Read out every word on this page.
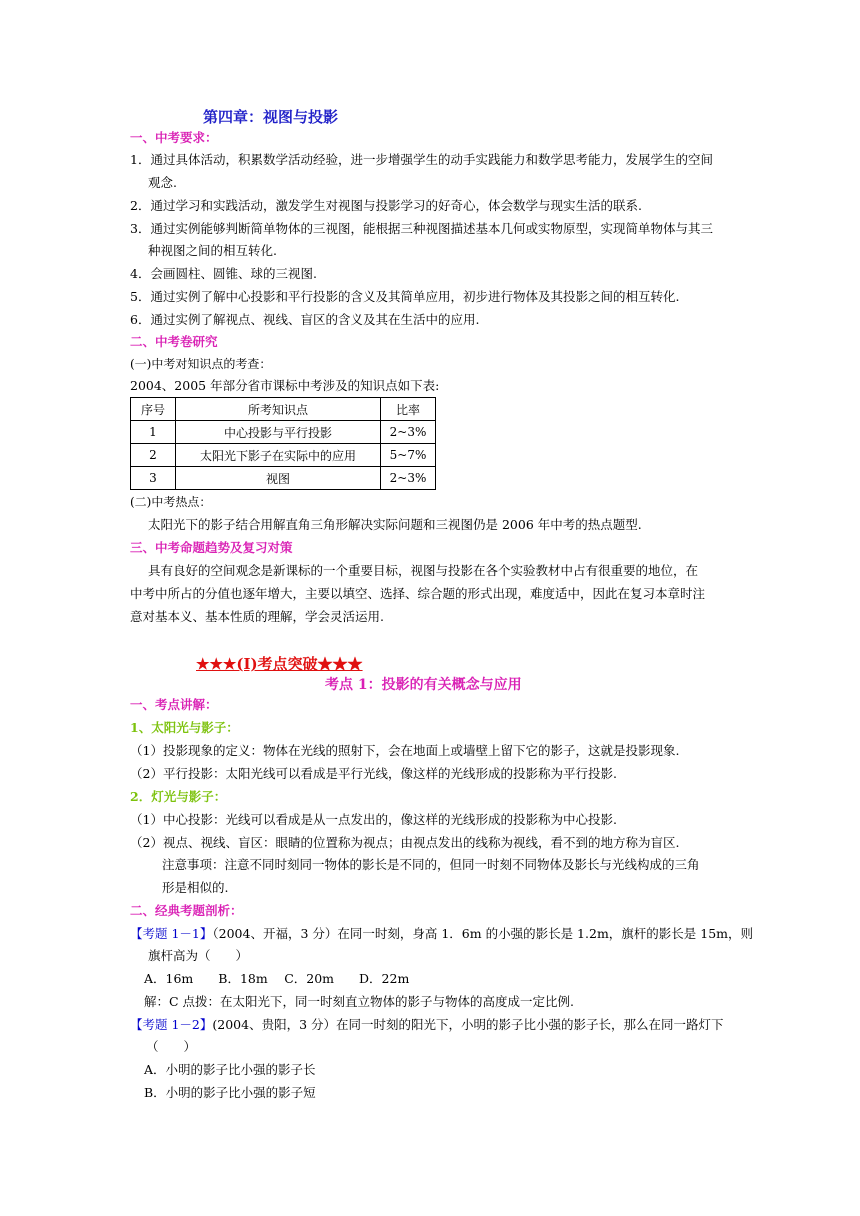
第四章：视图与投影
一、中考要求：
1．通过具体活动，积累数学活动经验，进一步增强学生的动手实践能力和数学思考能力，发展学生的空间
观念.
2．通过学习和实践活动，激发学生对视图与投影学习的好奇心，体会数学与现实生活的联系.
3．通过实例能够判断简单物体的三视图，能根据三种视图描述基本几何或实物原型，实现简单物体与其三
种视图之间的相互转化.
4．会画圆柱、圆锥、球的三视图.
5．通过实例了解中心投影和平行投影的含义及其简单应用，初步进行物体及其投影之间的相互转化.
6．通过实例了解视点、视线、盲区的含义及其在生活中的应用.
二、中考卷研究
(一)中考对知识点的考查：
2004、2005 年部分省市课标中考涉及的知识点如下表:
序号	所考知识点	比率
1	中心投影与平行投影	2~3%
2	太阳光下影子在实际中的应用	5~7%
3	视图	2~3%
(二)中考热点：
太阳光下的影子结合用解直角三角形解决实际问题和三视图仍是 2006 年中考的热点题型.
三、中考命题趋势及复习对策
具有良好的空间观念是新课标的一个重要目标，视图与投影在各个实验教材中占有很重要的地位，在
中考中所占的分值也逐年增大，主要以填空、选择、综合题的形式出现，难度适中，因此在复习本章时注
意对基本义、基本性质的理解，学会灵活运用.
★★★(I)考点突破★★★
考点 1：投影的有关概念与应用
一、考点讲解：
1、太阳光与影子：
（1）投影现象的定义：物体在光线的照射下，会在地面上或墙壁上留下它的影子，这就是投影现象.
（2）平行投影：太阳光线可以看成是平行光线，像这样的光线形成的投影称为平行投影.
2．灯光与影子：
（1）中心投影：光线可以看成是从一点发出的，像这样的光线形成的投影称为中心投影.
（2）视点、视线、盲区：眼睛的位置称为视点；由视点发出的线称为视线，看不到的地方称为盲区.
注意事项：注意不同时刻同一物体的影长是不同的，但同一时刻不同物体及影长与光线构成的三角
形是相似的.
二、经典考题剖析：
【考题 1－1】（2004、开福，3 分）在同一时刻，身高 1．6m 的小强的影长是 1.2m，旗杆的影长是 15m，则
旗杆高为（　　）
A．16m　　B．18m　 C．20m　　D．22m
解：C 点拨：在太阳光下，同一时刻直立物体的影子与物体的高度成一定比例.
【考题 1－2】(2004、贵阳，3 分）在同一时刻的阳光下，小明的影子比小强的影子长，那么在同一路灯下
（　　）
A．小明的影子比小强的影子长
B．小明的影子比小强的影子短
